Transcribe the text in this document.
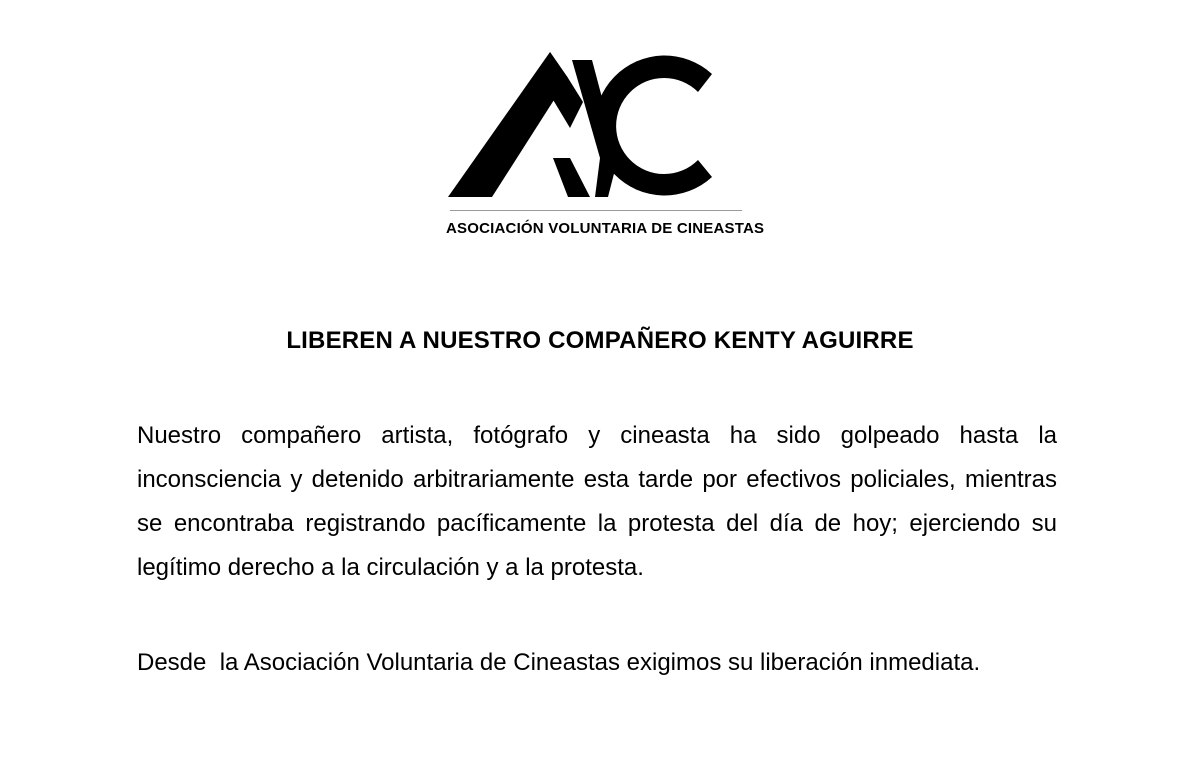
ASOCIACIÓN VOLUNTARIA DE CINEASTAS
LIBEREN A NUESTRO COMPAÑERO KENTY AGUIRRE

Nuestro compañero artista, fotógrafo y cineasta ha sido golpeado hasta la inconsciencia y detenido arbitrariamente esta tarde por efectivos policiales, mientras se encontraba registrando pacíficamente la protesta del día de hoy; ejerciendo su legítimo derecho a la circulación y a la protesta.

Desde  la Asociación Voluntaria de Cineastas exigimos su liberación inmediata.
